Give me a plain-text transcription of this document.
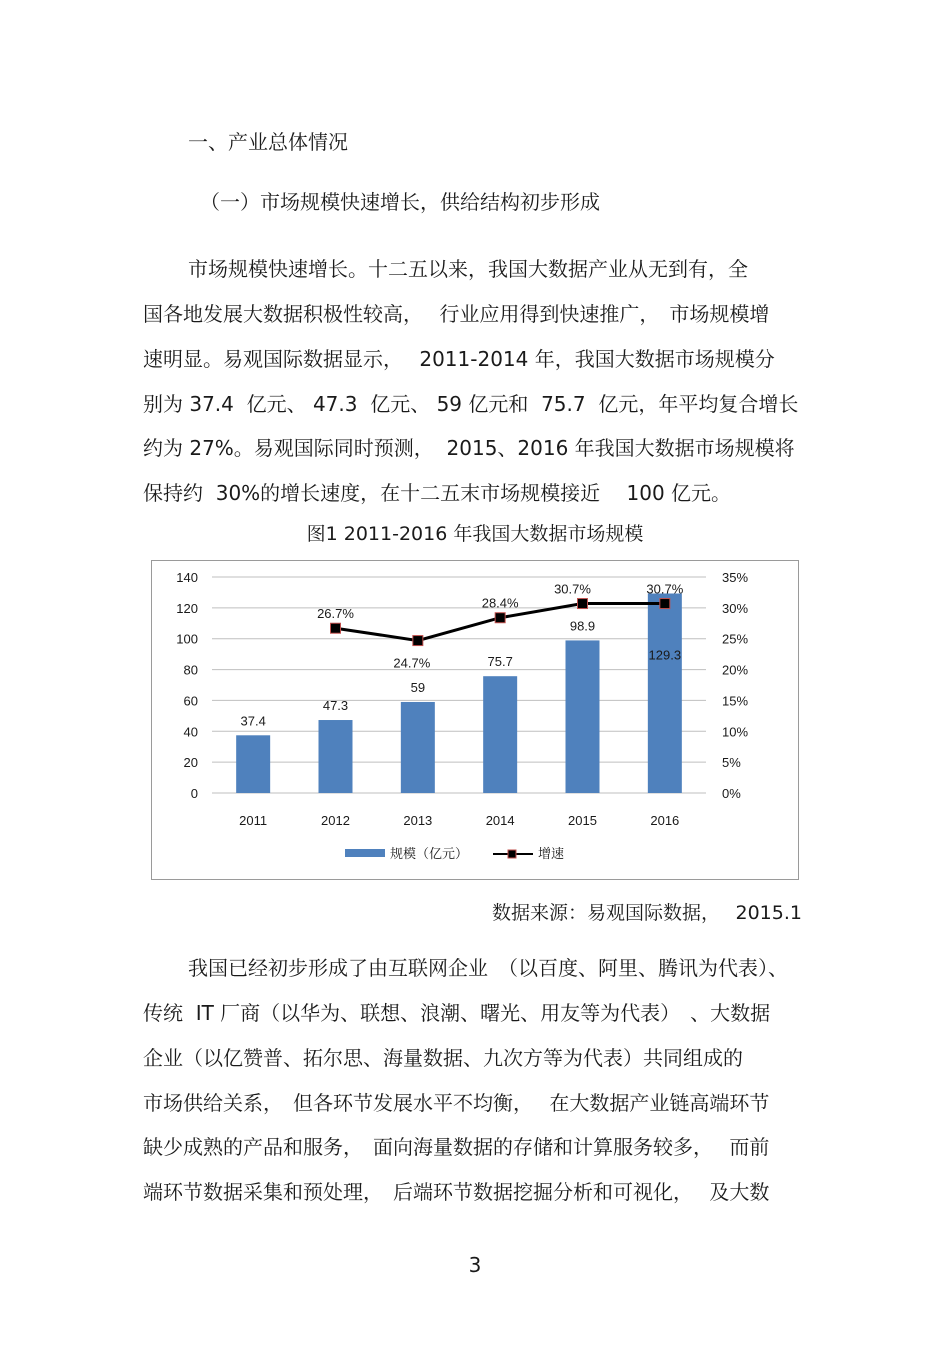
一、产业总体情况
（一）市场规模快速增长，供给结构初步形成
市场规模快速增长。十二五以来，我国大数据产业从无到有，全
国各地发展大数据积极性较高，　 行业应用得到快速推广，　市场规模增
速明显。易观国际数据显示，　 2011-2014 年，我国大数据市场规模分
别为 37.4  亿元、 47.3  亿元、 59 亿元和  75.7  亿元，年平均复合增长
约为 27%。易观国际同时预测，  2015、2016 年我国大数据市场规模将
保持约  30%的增长速度，在十二五末市场规模接近　 100 亿元。
图1 2011-2016 年我国大数据市场规模
0	0%
20	5%
40	10%
60	15%
80	20%
100	25%
120	30%
140	35%
2011	2012	2013	2014	2015	2016
37.4
47.3
59
75.7
98.9
129.3
26.7%
24.7%
28.4%
30.7%	30.7%
规模（亿元）	增速
数据来源：易观国际数据，　 2015.1
我国已经初步形成了由互联网企业　（以百度、阿里、腾讯为代表）、
传统  IT 厂商（以华为、联想、浪潮、曙光、用友等为代表）　、大数据
企业（以亿赞普、拓尔思、海量数据、九次方等为代表）共同组成的
市场供给关系，　但各环节发展水平不均衡，　 在大数据产业链高端环节
缺少成熟的产品和服务，　面向海量数据的存储和计算服务较多，　 而前
端环节数据采集和预处理，　后端环节数据挖掘分析和可视化，　 及大数
3
